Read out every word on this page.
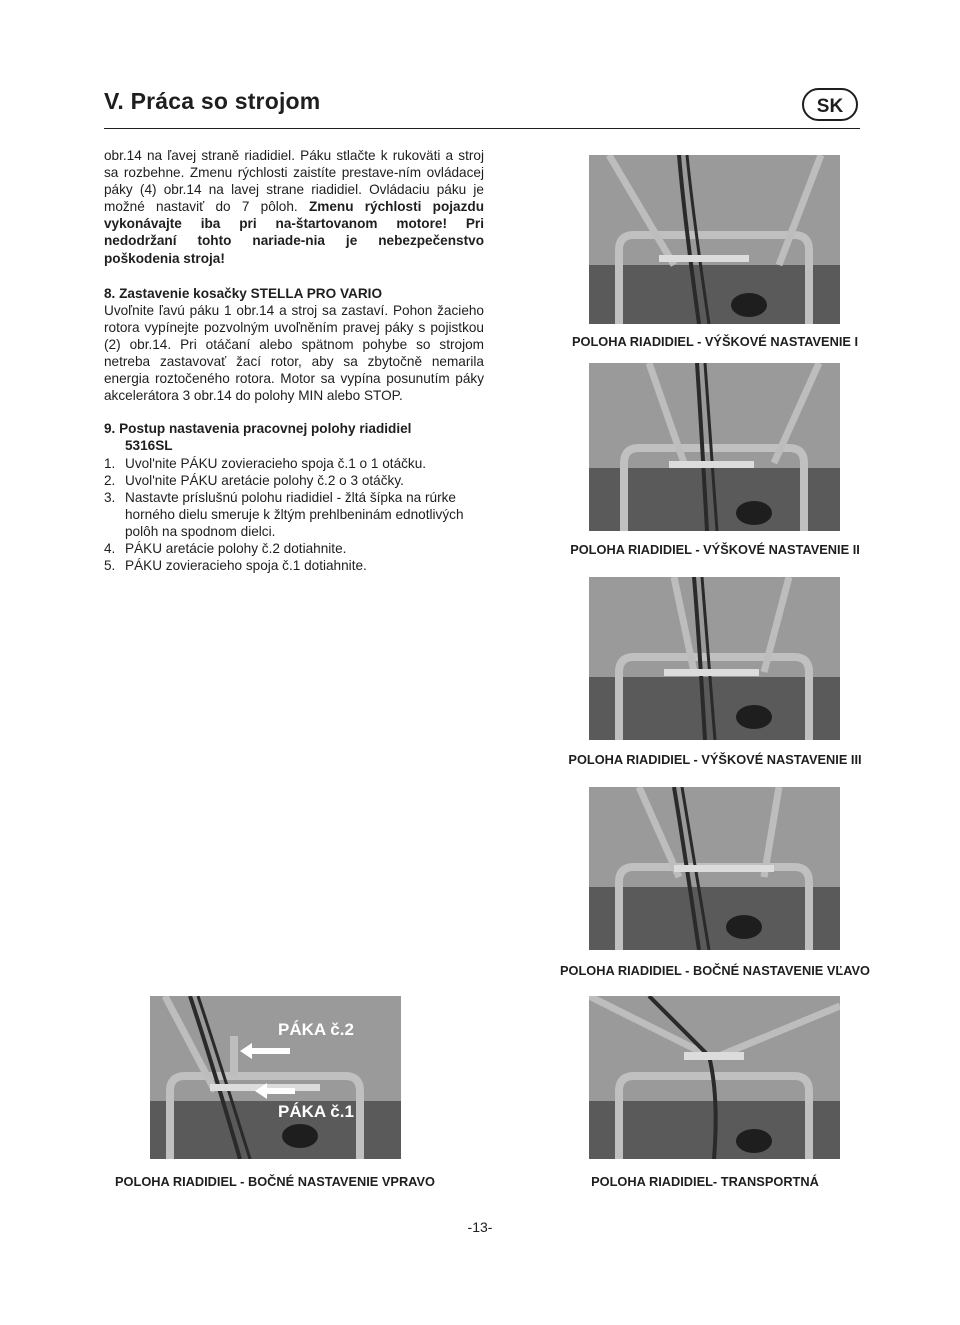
V. Práca so strojom	SK

obr.14 na ľavej straně riadidiel. Páku stlačte k rukoväti a stroj sa rozbehne. Zmenu rýchlosti zaistíte prestave-ním ovládacej páky (4) obr.14 na lavej strane riadidiel. Ovládaciu páku je možné nastaviť do 7 pôloh. Zmenu rýchlosti pojazdu vykonávajte iba pri na-štartovanom motore! Pri nedodržaní tohto nariade-nia je nebezpečenstvo poškodenia stroja!

8. Zastavenie kosačky STELLA PRO VARIO

Uvoľnite ľavú páku 1 obr.14 a stroj sa zastaví. Pohon žacieho rotora vypínejte pozvolným uvoľněním pravej páky s pojistkou (2) obr.14. Pri otáčaní alebo spätnom pohybe so strojom netreba zastavovať žací rotor, aby sa zbytočně nemarila energia roztočeného rotora. Motor sa vypína posunutím páky akcelerátora 3 obr.14 do polohy MIN alebo STOP.

9. Postup nastavenia pracovnej polohy riadidiel
5316SL

1. Uvol'nite PÁKU zovieracieho spoja č.1 o 1 otáčku.
2. Uvol'nite PÁKU aretácie polohy č.2 o 3 otáčky.
3. Nastavte príslušnú polohu riadidiel - žltá šípka na rúrke horného dielu smeruje k žltým prehlbeninám ednotlivých polôh na spodnom dielci.
4. PÁKU aretácie polohy č.2 dotiahnite.
5. PÁKU zovieracieho spoja č.1 dotiahnite.
POLOHA RIADIDIEL - VÝŠKOVÉ NASTAVENIE I
POLOHA RIADIDIEL - VÝŠKOVÉ NASTAVENIE II
POLOHA RIADIDIEL - VÝŠKOVÉ NASTAVENIE III
POLOHA RIADIDIEL - BOČNÉ NASTAVENIE VĽAVO
PÁKA č.2
PÁKA č.1
POLOHA RIADIDIEL - BOČNÉ NASTAVENIE VPRAVO	POLOHA RIADIDIEL- TRANSPORTNÁ
-13-
